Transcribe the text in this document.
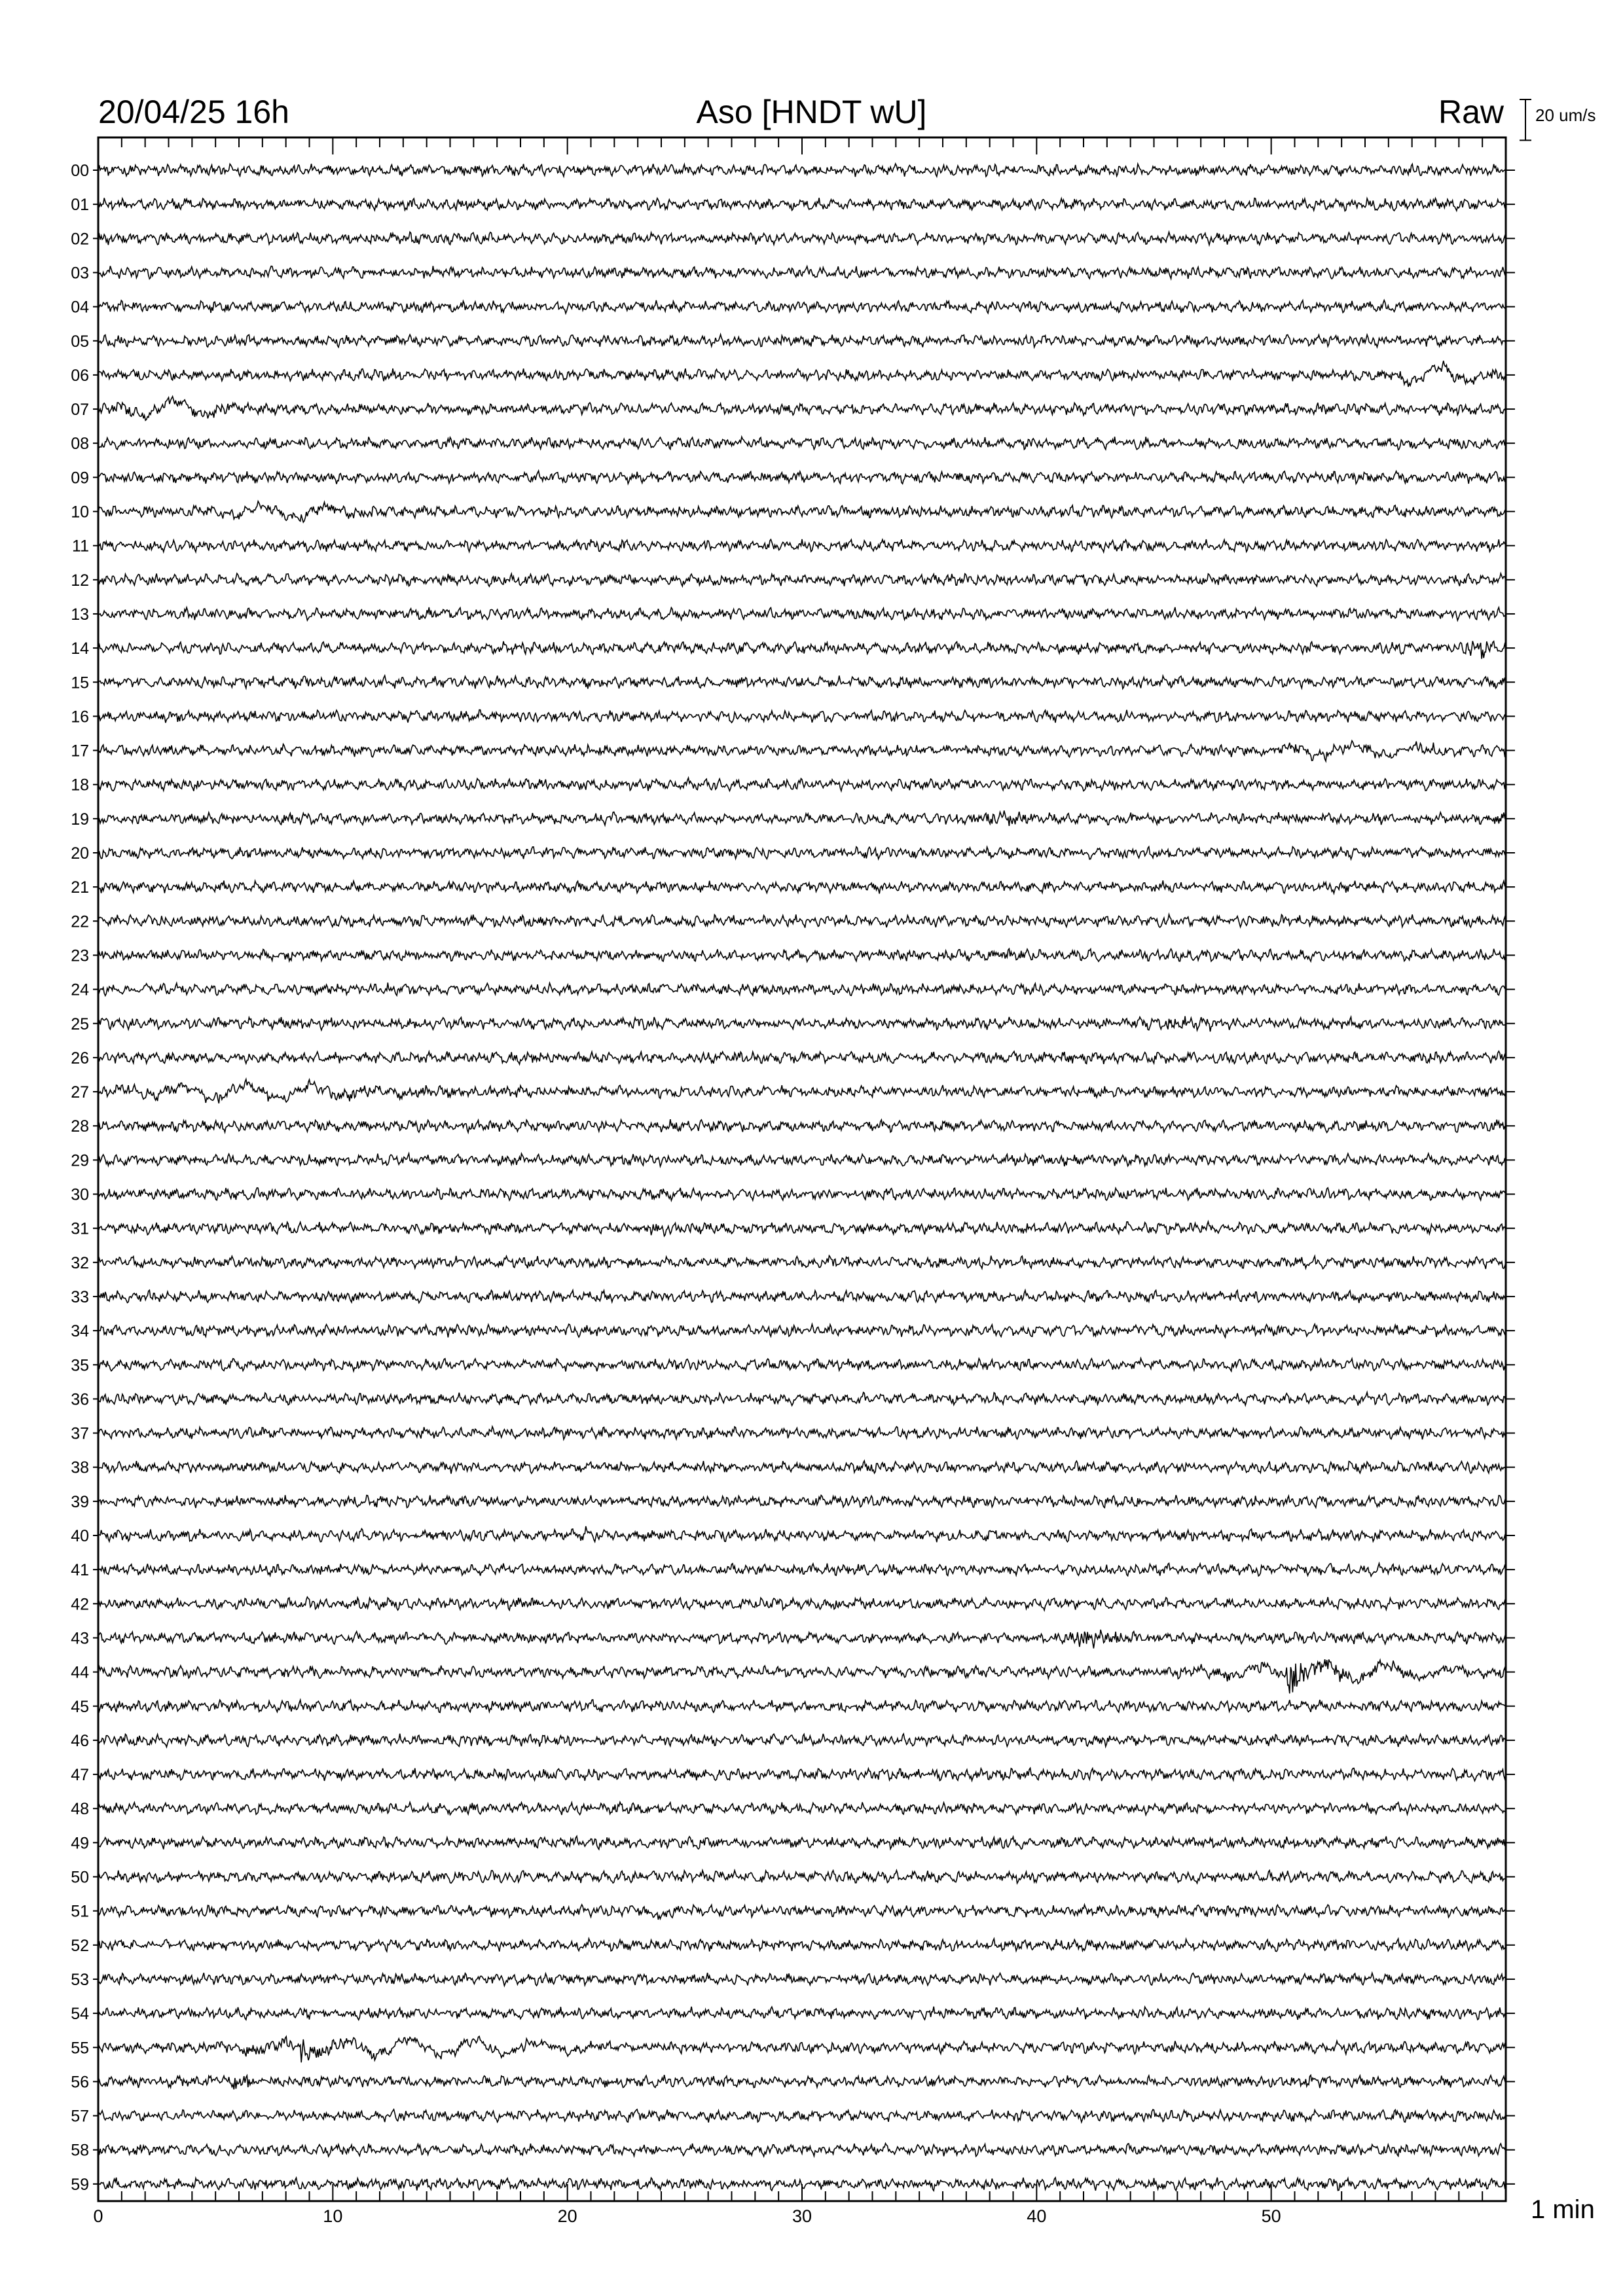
00
01
02
03
04
05
06
07
08
09
10
11
12
13
14
15
16
17
18
19
20
21
22
23
24
25
26
27
28
29
30
31
32
33
34
35
36
37
38
39
40
41
42
43
44
45
46
47
48
49
50
51
52
53
54
55
56
57
58
59
0	10	20	30	40	50
20/04/25 16h	Aso [HNDT wU]	Raw 20 um/s
1 min
